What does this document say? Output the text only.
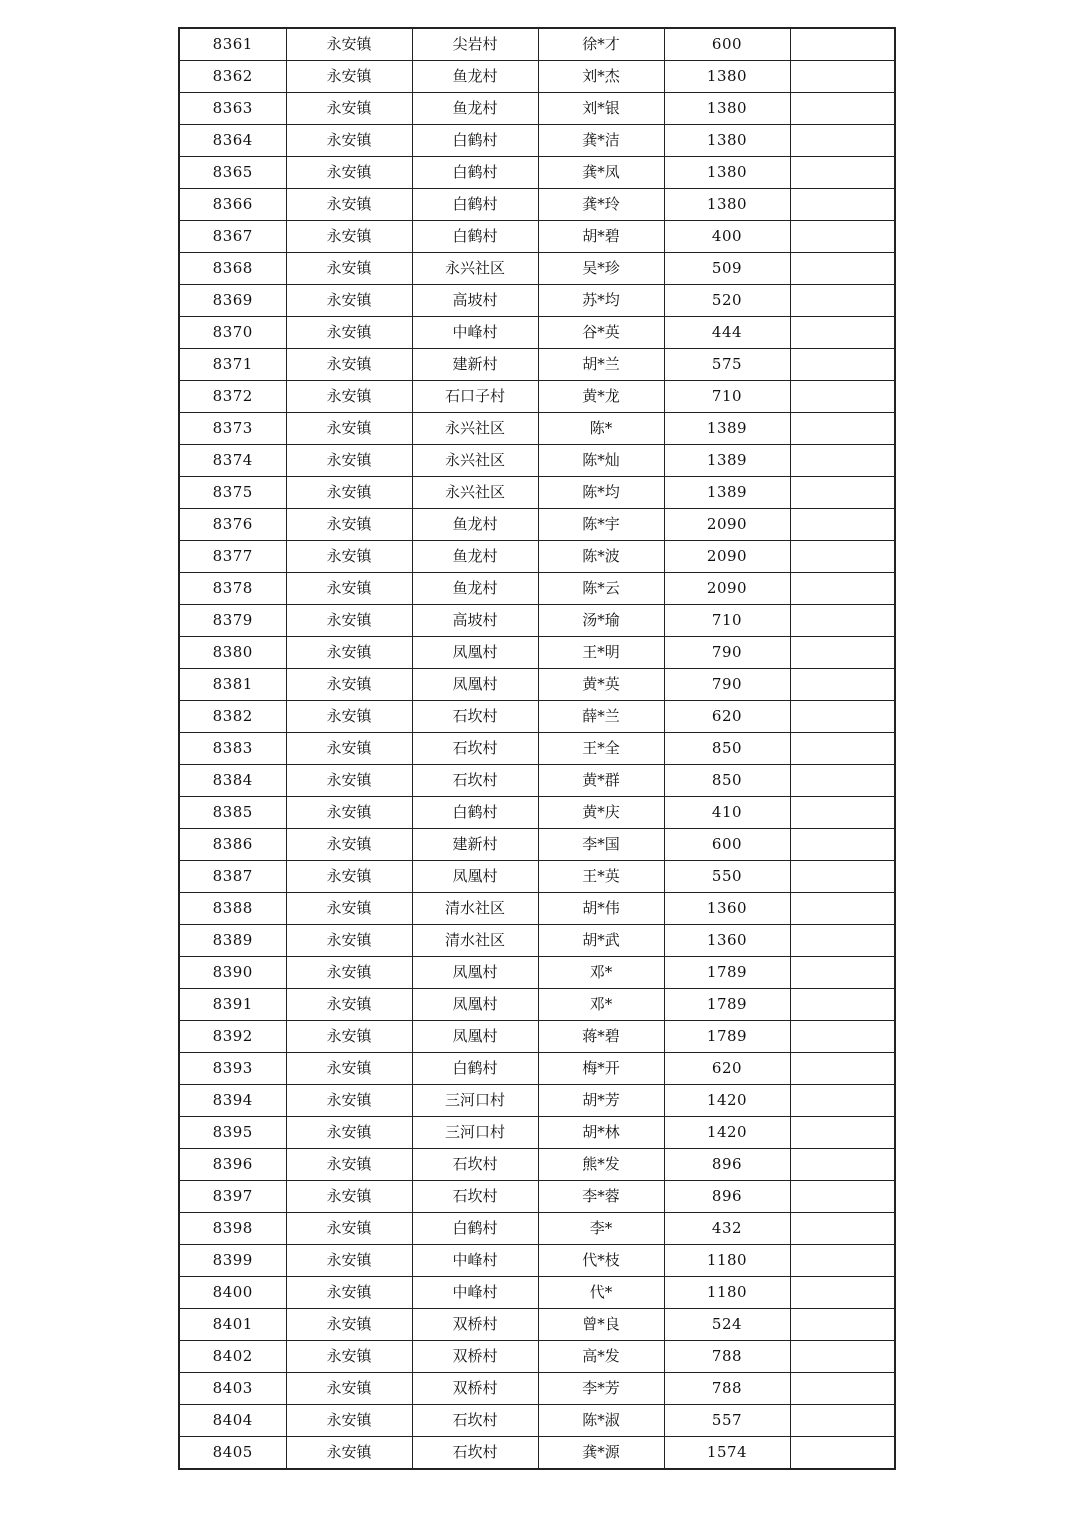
8361	永安镇	尖岩村	徐*才	600	
8362	永安镇	鱼龙村	刘*杰	1380	
8363	永安镇	鱼龙村	刘*银	1380	
8364	永安镇	白鹤村	龚*洁	1380	
8365	永安镇	白鹤村	龚*凤	1380	
8366	永安镇	白鹤村	龚*玲	1380	
8367	永安镇	白鹤村	胡*碧	400	
8368	永安镇	永兴社区	吴*珍	509	
8369	永安镇	高坡村	苏*均	520	
8370	永安镇	中峰村	谷*英	444	
8371	永安镇	建新村	胡*兰	575	
8372	永安镇	石口子村	黄*龙	710	
8373	永安镇	永兴社区	陈*	1389	
8374	永安镇	永兴社区	陈*灿	1389	
8375	永安镇	永兴社区	陈*均	1389	
8376	永安镇	鱼龙村	陈*宇	2090	
8377	永安镇	鱼龙村	陈*波	2090	
8378	永安镇	鱼龙村	陈*云	2090	
8379	永安镇	高坡村	汤*瑜	710	
8380	永安镇	凤凰村	王*明	790	
8381	永安镇	凤凰村	黄*英	790	
8382	永安镇	石坎村	薛*兰	620	
8383	永安镇	石坎村	王*全	850	
8384	永安镇	石坎村	黄*群	850	
8385	永安镇	白鹤村	黄*庆	410	
8386	永安镇	建新村	李*国	600	
8387	永安镇	凤凰村	王*英	550	
8388	永安镇	清水社区	胡*伟	1360	
8389	永安镇	清水社区	胡*武	1360	
8390	永安镇	凤凰村	邓*	1789	
8391	永安镇	凤凰村	邓*	1789	
8392	永安镇	凤凰村	蒋*碧	1789	
8393	永安镇	白鹤村	梅*开	620	
8394	永安镇	三河口村	胡*芳	1420	
8395	永安镇	三河口村	胡*林	1420	
8396	永安镇	石坎村	熊*发	896	
8397	永安镇	石坎村	李*蓉	896	
8398	永安镇	白鹤村	李*	432	
8399	永安镇	中峰村	代*枝	1180	
8400	永安镇	中峰村	代*	1180	
8401	永安镇	双桥村	曾*良	524	
8402	永安镇	双桥村	高*发	788	
8403	永安镇	双桥村	李*芳	788	
8404	永安镇	石坎村	陈*淑	557	
8405	永安镇	石坎村	龚*源	1574	
